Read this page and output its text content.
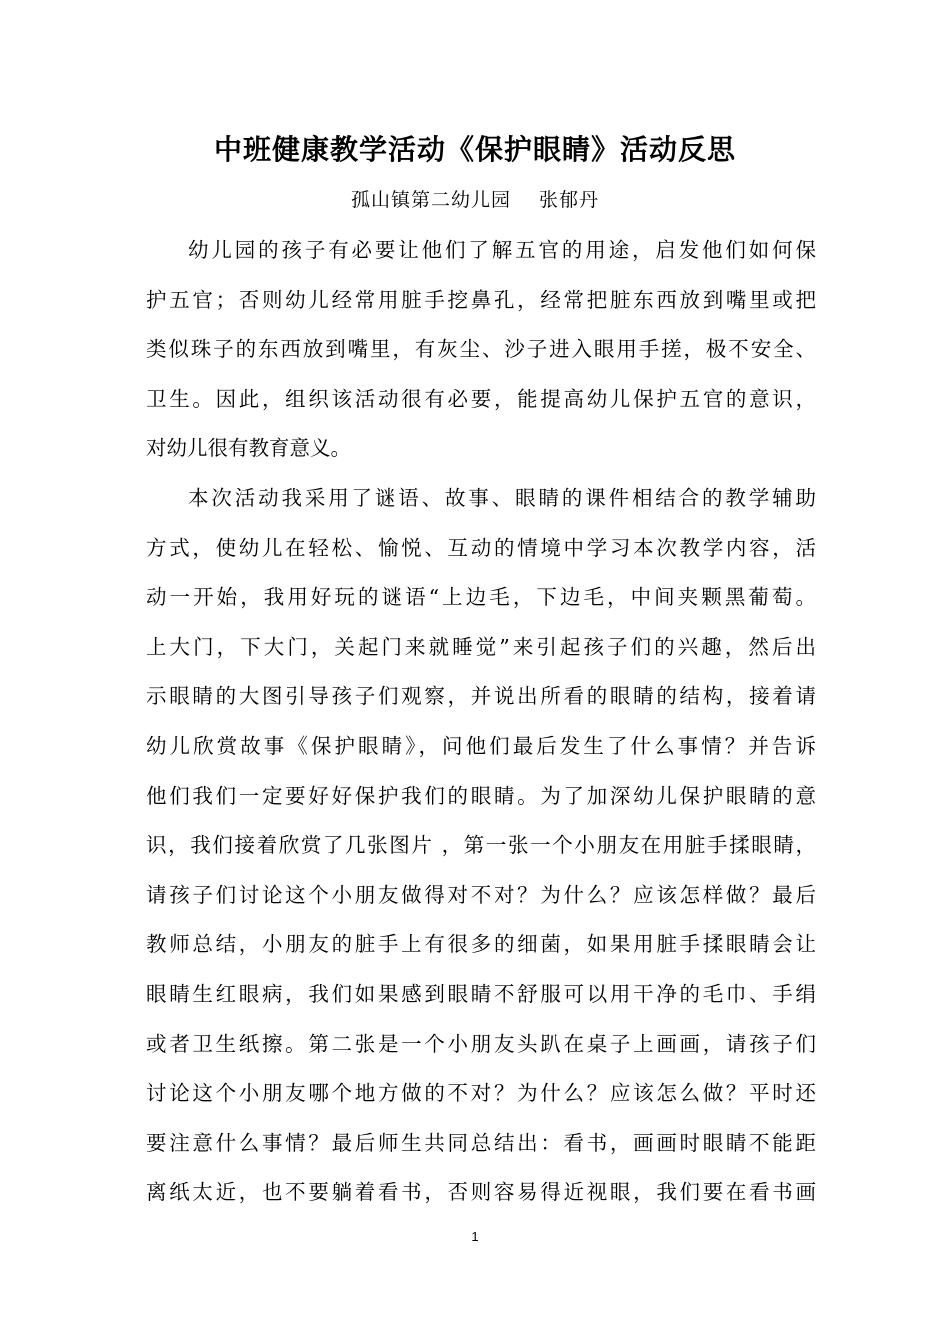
中班健康教学活动《保护眼睛》活动反思
孤山镇第二幼儿园 张郁丹
幼儿园的孩子有必要让他们了解五官的用途，启发他们如何保
护五官；否则幼儿经常用脏手挖鼻孔，经常把脏东西放到嘴里或把
类似珠子的东西放到嘴里，有灰尘、沙子进入眼用手搓，极不安全、
卫生。因此，组织该活动很有必要，能提高幼儿保护五官的意识，
对幼儿很有教育意义。
本次活动我采用了谜语、故事、眼睛的课件相结合的教学辅助
方式，使幼儿在轻松、愉悦、互动的情境中学习本次教学内容，活
动一开始，我用好玩的谜语“上边毛，下边毛，中间夹颗黑葡萄。
上大门，下大门，关起门来就睡觉”来引起孩子们的兴趣，然后出
示眼睛的大图引导孩子们观察，并说出所看的眼睛的结构，接着请
幼儿欣赏故事《保护眼睛》，问他们最后发生了什么事情？并告诉
他们我们一定要好好保护我们的眼睛。为了加深幼儿保护眼睛的意
识，我们接着欣赏了几张图片 ，第一张一个小朋友在用脏手揉眼睛，
请孩子们讨论这个小朋友做得对不对？为什么？应该怎样做？最后
教师总结，小朋友的脏手上有很多的细菌，如果用脏手揉眼睛会让
眼睛生红眼病，我们如果感到眼睛不舒服可以用干净的毛巾、手绢
或者卫生纸擦。第二张是一个小朋友头趴在桌子上画画，请孩子们
讨论这个小朋友哪个地方做的不对？为什么？应该怎么做？平时还
要注意什么事情？最后师生共同总结出：看书，画画时眼睛不能距
离纸太近，也不要躺着看书，否则容易得近视眼，我们要在看书画
1
